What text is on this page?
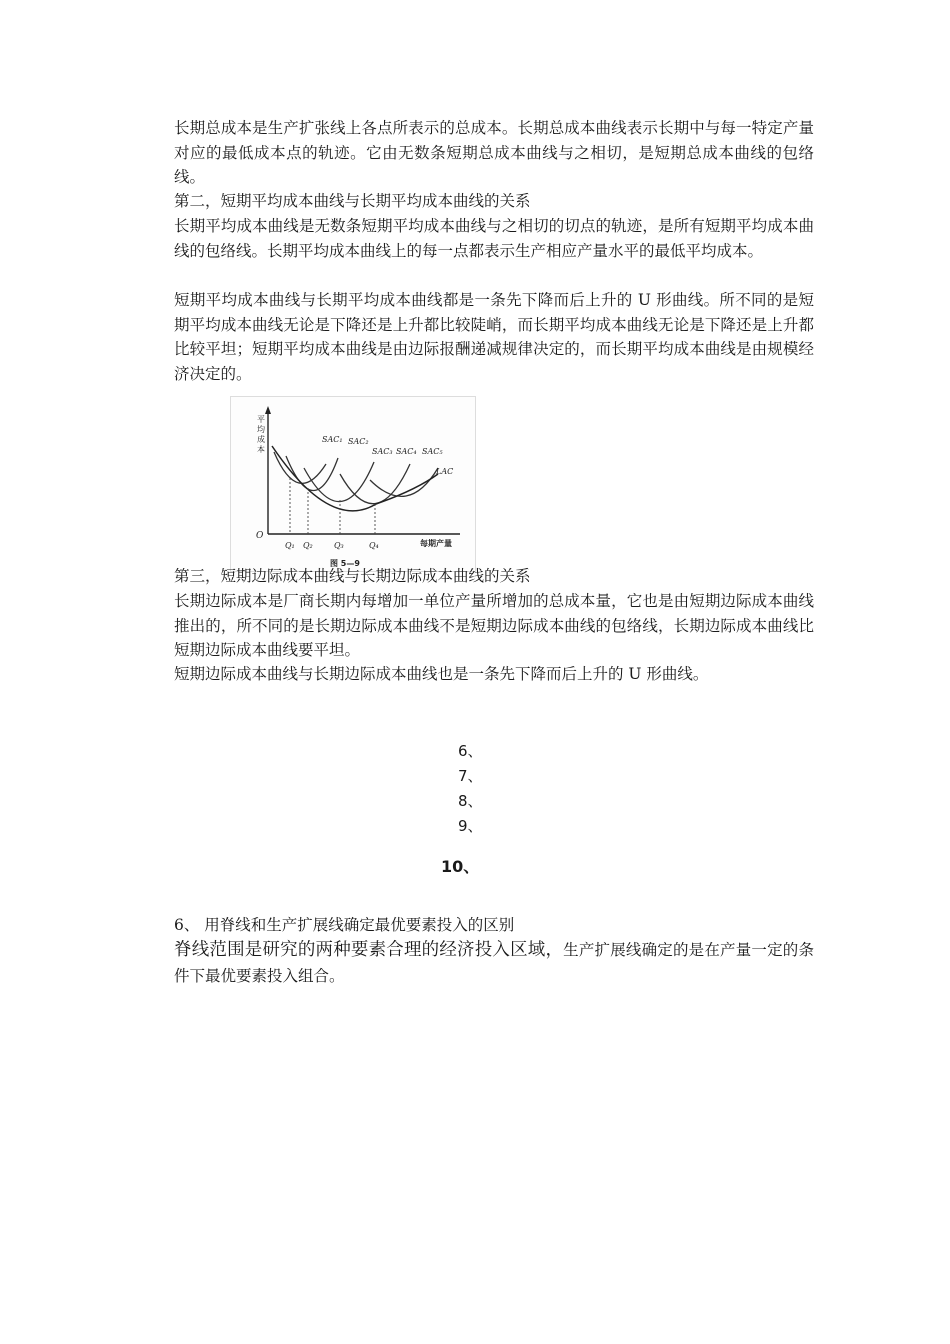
长期总成本是生产扩张线上各点所表示的总成本。长期总成本曲线表示长期中与每一特定产量对应的最低成本点的轨迹。它由无数条短期总成本曲线与之相切，是短期总成本曲线的包络线。

第二，短期平均成本曲线与长期平均成本曲线的关系

长期平均成本曲线是无数条短期平均成本曲线与之相切的切点的轨迹，是所有短期平均成本曲线的包络线。长期平均成本曲线上的每一点都表示生产相应产量水平的最低平均成本。

短期平均成本曲线与长期平均成本曲线都是一条先下降而后上升的 U 形曲线。所不同的是短期平均成本曲线无论是下降还是上升都比较陡峭，而长期平均成本曲线无论是下降还是上升都比较平坦；短期平均成本曲线是由边际报酬递减规律决定的，而长期平均成本曲线是由规模经济决定的。

平
均
成
本
O
每期产量
SAC₁ SAC₂
SAC₃ SAC₄ SAC₅
LAC
Q₁ Q₂	Q₃	Q₄
图 5—9

第三，短期边际成本曲线与长期边际成本曲线的关系

长期边际成本是厂商长期内每增加一单位产量所增加的总成本量，它也是由短期边际成本曲线推出的，所不同的是长期边际成本曲线不是短期边际成本曲线的包络线，长期边际成本曲线比短期边际成本曲线要平坦。

短期边际成本曲线与长期边际成本曲线也是一条先下降而后上升的 U 形曲线。

6、
7、
8、
9、
10、

6、 用脊线和生产扩展线确定最优要素投入的区别

脊线范围是研究的两种要素合理的经济投入区域，生产扩展线确定的是在产量一定的条件下最优要素投入组合。
